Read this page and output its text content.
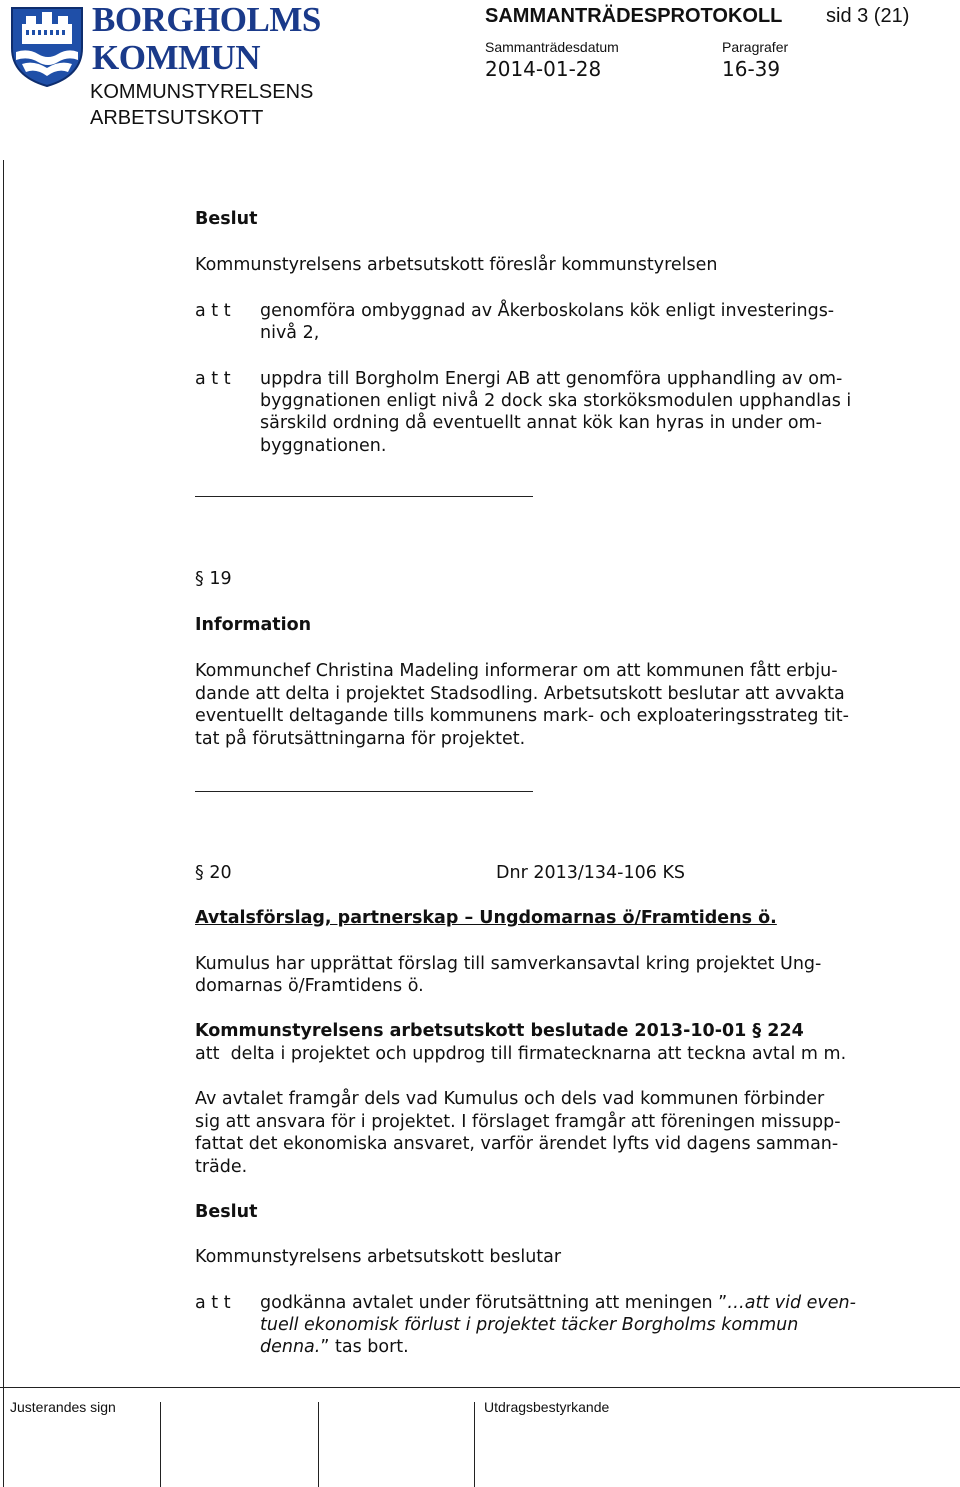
BORGHOLMS
KOMMUN
KOMMUNSTYRELSENS
ARBETSUTSKOTT
SAMMANTRÄDESPROTOKOLL sid 3 (21)
Sammanträdesdatum	Paragrafer
2014-01-28	16-39
Beslut
Kommunstyrelsens arbetsutskott föreslår kommunstyrelsen
a t t genomföra ombyggnad av Åkerboskolans kök enligt investerings-
nivå 2,
a t t uppdra till Borgholm Energi AB att genomföra upphandling av om-
byggnationen enligt nivå 2 dock ska storköksmodulen upphandlas i
särskild ordning då eventuellt annat kök kan hyras in under om-
byggnationen.
§ 19
Information
Kommunchef Christina Madeling informerar om att kommunen fått erbju-
dande att delta i projektet Stadsodling. Arbetsutskott beslutar att avvakta
eventuellt deltagande tills kommunens mark- och exploateringsstrateg tit-
tat på förutsättningarna för projektet.
§ 20	Dnr 2013/134-106 KS
Avtalsförslag, partnerskap – Ungdomarnas ö/Framtidens ö.
Kumulus har upprättat förslag till samverkansavtal kring projektet Ung-
domarnas ö/Framtidens ö.
Kommunstyrelsens arbetsutskott beslutade 2013-10-01 § 224
att  delta i projektet och uppdrog till firmatecknarna att teckna avtal m m.
Av avtalet framgår dels vad Kumulus och dels vad kommunen förbinder
sig att ansvara för i projektet. I förslaget framgår att föreningen missupp-
fattat det ekonomiska ansvaret, varför ärendet lyfts vid dagens samman-
träde.
Beslut
Kommunstyrelsens arbetsutskott beslutar
a t t godkänna avtalet under förutsättning att meningen ”…att vid even-
tuell ekonomisk förlust i projektet täcker Borgholms kommun
denna.” tas bort.
Justerandes sign	Utdragsbestyrkande
